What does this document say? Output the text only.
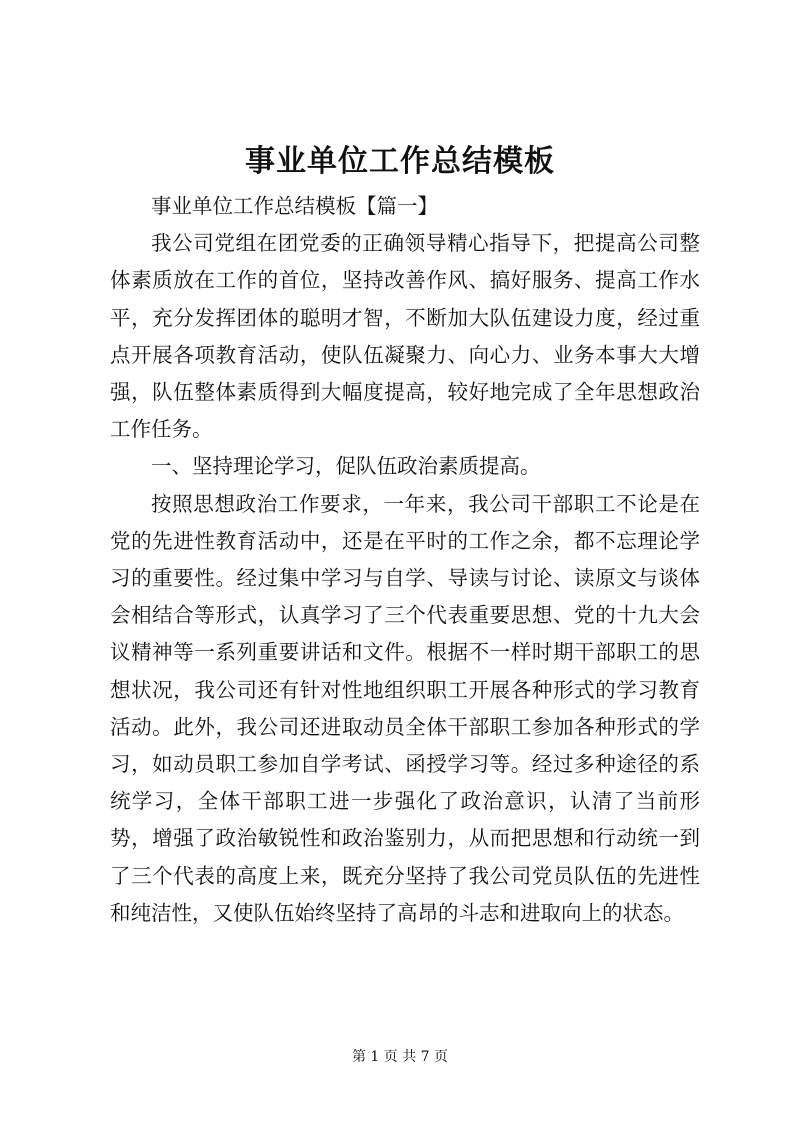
事业单位工作总结模板

事业单位工作总结模板【篇一】

我公司党组在团党委的正确领导精心指导下，把提高公司整体素质放在工作的首位，坚持改善作风、搞好服务、提高工作水平，充分发挥团体的聪明才智，不断加大队伍建设力度，经过重点开展各项教育活动，使队伍凝聚力、向心力、业务本事大大增强，队伍整体素质得到大幅度提高，较好地完成了全年思想政治工作任务。

一、坚持理论学习，促队伍政治素质提高。

按照思想政治工作要求，一年来，我公司干部职工不论是在党的先进性教育活动中，还是在平时的工作之余，都不忘理论学习的重要性。经过集中学习与自学、导读与讨论、读原文与谈体会相结合等形式，认真学习了三个代表重要思想、党的十九大会议精神等一系列重要讲话和文件。根据不一样时期干部职工的思想状况，我公司还有针对性地组织职工开展各种形式的学习教育活动。此外，我公司还进取动员全体干部职工参加各种形式的学习，如动员职工参加自学考试、函授学习等。经过多种途径的系统学习，全体干部职工进一步强化了政治意识，认清了当前形势，增强了政治敏锐性和政治鉴别力，从而把思想和行动统一到了三个代表的高度上来，既充分坚持了我公司党员队伍的先进性和纯洁性，又使队伍始终坚持了高昂的斗志和进取向上的状态。

第 1 页 共 7 页
